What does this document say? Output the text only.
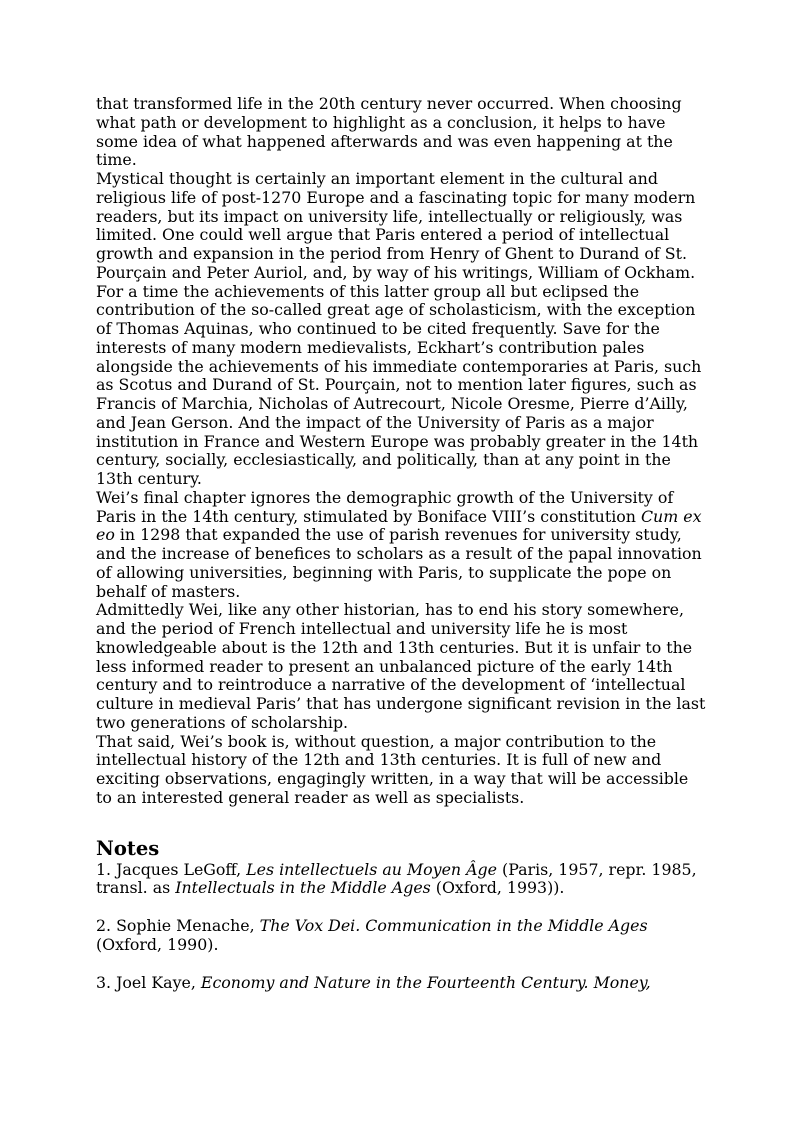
that transformed life in the 20th century never occurred. When choosing what path or development to highlight as a conclusion, it helps to have some idea of what happened afterwards and was even happening at the time.

Mystical thought is certainly an important element in the cultural and religious life of post-1270 Europe and a fascinating topic for many modern readers, but its impact on university life, intellectually or religiously, was limited. One could well argue that Paris entered a period of intellectual growth and expansion in the period from Henry of Ghent to Durand of St. Pourçain and Peter Auriol, and, by way of his writings, William of Ockham. For a time the achievements of this latter group all but eclipsed the contribution of the so-called great age of scholasticism, with the exception of Thomas Aquinas, who continued to be cited frequently. Save for the interests of many modern medievalists, Eckhart’s contribution pales alongside the achievements of his immediate contemporaries at Paris, such as Scotus and Durand of St. Pourçain, not to mention later figures, such as Francis of Marchia, Nicholas of Autrecourt, Nicole Oresme, Pierre d’Ailly, and Jean Gerson. And the impact of the University of Paris as a major institution in France and Western Europe was probably greater in the 14th century, socially, ecclesiastically, and politically, than at any point in the 13th century.

Wei’s final chapter ignores the demographic growth of the University of Paris in the 14th century, stimulated by Boniface VIII’s constitution Cum ex eo in 1298 that expanded the use of parish revenues for university study, and the increase of benefices to scholars as a result of the papal innovation of allowing universities, beginning with Paris, to supplicate the pope on behalf of masters.

Admittedly Wei, like any other historian, has to end his story somewhere, and the period of French intellectual and university life he is most knowledgeable about is the 12th and 13th centuries. But it is unfair to the less informed reader to present an unbalanced picture of the early 14th century and to reintroduce a narrative of the development of ‘intellectual culture in medieval Paris’ that has undergone significant revision in the last two generations of scholarship.

That said, Wei’s book is, without question, a major contribution to the intellectual history of the 12th and 13th centuries. It is full of new and exciting observations, engagingly written, in a way that will be accessible to an interested general reader as well as specialists.

Notes

1. Jacques LeGoff, Les intellectuels au Moyen Âge (Paris, 1957, repr. 1985, transl. as Intellectuals in the Middle Ages (Oxford, 1993)).

2. Sophie Menache, The Vox Dei. Communication in the Middle Ages (Oxford, 1990).

3. Joel Kaye, Economy and Nature in the Fourteenth Century. Money,
